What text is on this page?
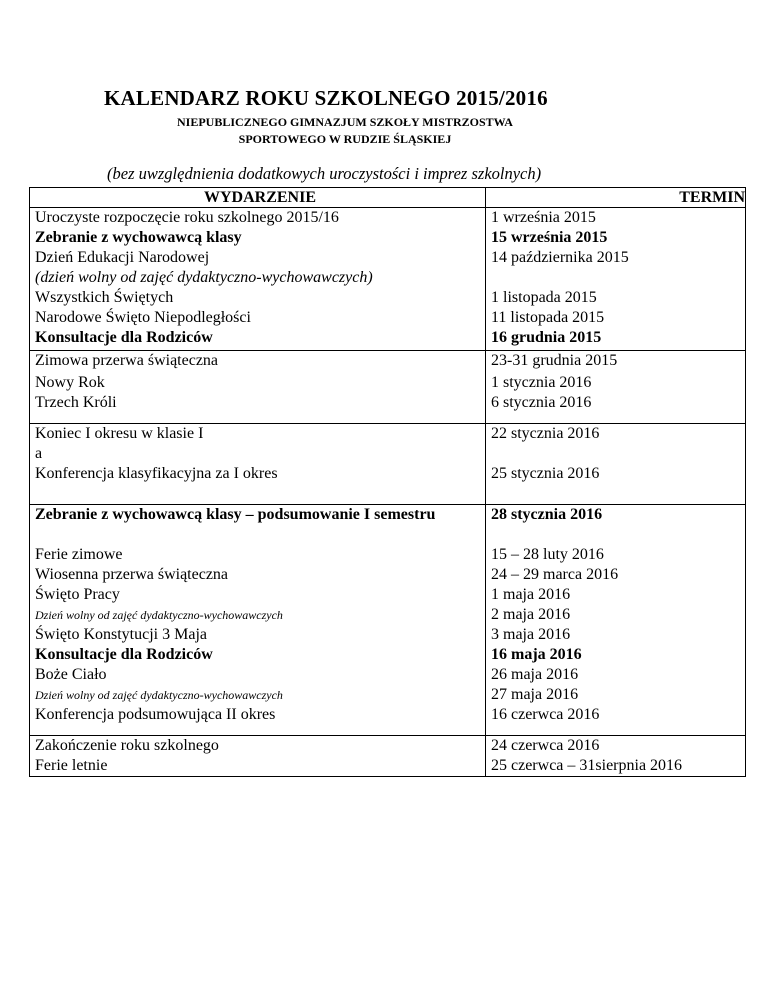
KALENDARZ ROKU SZKOLNEGO 2015/2016
NIEPUBLICZNEGO GIMNAZJUM SZKOŁY MISTRZOSTWA
SPORTOWEGO W RUDZIE ŚLĄSKIEJ
(bez uwzględnienia dodatkowych uroczystości i imprez szkolnych)
WYDARZENIE	TERMIN
Uroczyste rozpoczęcie roku szkolnego 2015/16	1 września 2015
Zebranie z wychowawcą klasy	15 września 2015
Dzień Edukacji Narodowej	14 października 2015
(dzień wolny od zajęć dydaktyczno-wychowawczych)	
Wszystkich Świętych	1 listopada 2015
Narodowe Święto Niepodległości	11 listopada 2015
Konsultacje dla Rodziców	16 grudnia 2015
Zimowa przerwa świąteczna	23-31 grudnia 2015
Nowy Rok	1 stycznia 2016
Trzech Króli	6 stycznia 2016

Koniec I okresu w klasie I	22 stycznia 2016
a	
Konferencja klasyfikacyjna za I okres	25 stycznia 2016

Zebranie z wychowawcą klasy – podsumowanie I semestru	28 stycznia 2016
Ferie zimowe	15 – 28 luty 2016
Wiosenna przerwa świąteczna	24 – 29 marca 2016
Święto Pracy	1 maja 2016
Dzień wolny od zajęć dydaktyczno-wychowawczych	2 maja 2016
Święto Konstytucji 3 Maja	3 maja 2016
Konsultacje dla Rodziców	16 maja 2016
Boże Ciało	26 maja 2016
Dzień wolny od zajęć dydaktyczno-wychowawczych	27 maja 2016
Konferencja podsumowująca II okres	16 czerwca 2016

Zakończenie roku szkolnego	24 czerwca 2016
Ferie letnie	25 czerwca – 31sierpnia 2016
